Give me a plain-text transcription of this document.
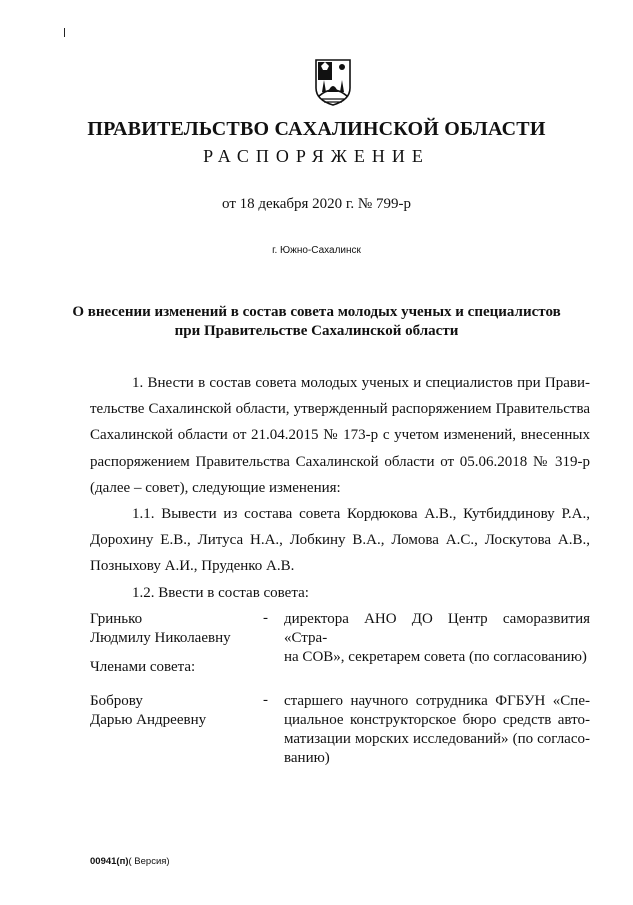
ПРАВИТЕЛЬСТВО САХАЛИНСКОЙ ОБЛАСТИ
РАСПОРЯЖЕНИЕ
от 18 декабря 2020 г. № 799-р
г. Южно-Сахалинск
О внесении изменений в состав совета молодых ученых и специалистов
при Правительстве Сахалинской области
1. Внести в состав совета молодых ученых и специалистов при Прави-
тельстве Сахалинской области, утвержденный распоряжением Правительства
Сахалинской области от 21.04.2015 № 173-р с учетом изменений, внесенных
распоряжением Правительства Сахалинской области от 05.06.2018 № 319-р
(далее – совет), следующие изменения:
1.1. Вывести из состава совета Кордюкова А.В., Кутбиддинову Р.А.,
Дорохину Е.В., Литуса Н.А., Лобкину В.А., Ломова А.С., Лоскутова А.В.,
Позныхову А.И., Пруденко А.В.
1.2. Ввести в состав совета:
Гринько
Людмилу Николаевну
- директора АНО ДО Центр саморазвития «Стра-
на СОВ», секретарем совета (по согласованию)
Членами совета:
Боброву
Дарью Андреевну
- старшего научного сотрудника ФГБУН «Спе-
циальное конструкторское бюро средств авто-
матизации морских исследований» (по согласо-
ванию)
00941(п)( Версия)
